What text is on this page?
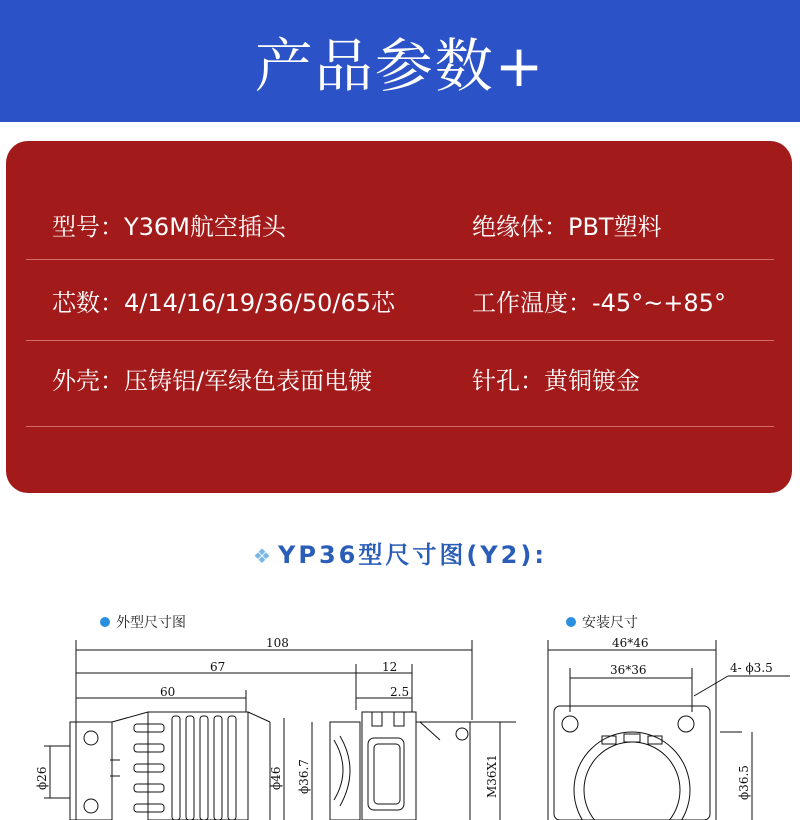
产品参数+
型号：Y36M航空插头	绝缘体：PBT塑料
芯数：4/14/16/19/36/50/65芯	工作温度：-45°~+85°
外壳：压铸铝/军绿色表面电镀	针孔：黄铜镀金
❖ YP36型尺寸图(Y2):
外型尺寸图	安装尺寸
108
67	12
60	2.5
ϕ26	ϕ46 ϕ36.7	M36X1
46*46
36*36	4- ϕ3.5
ϕ36.5
